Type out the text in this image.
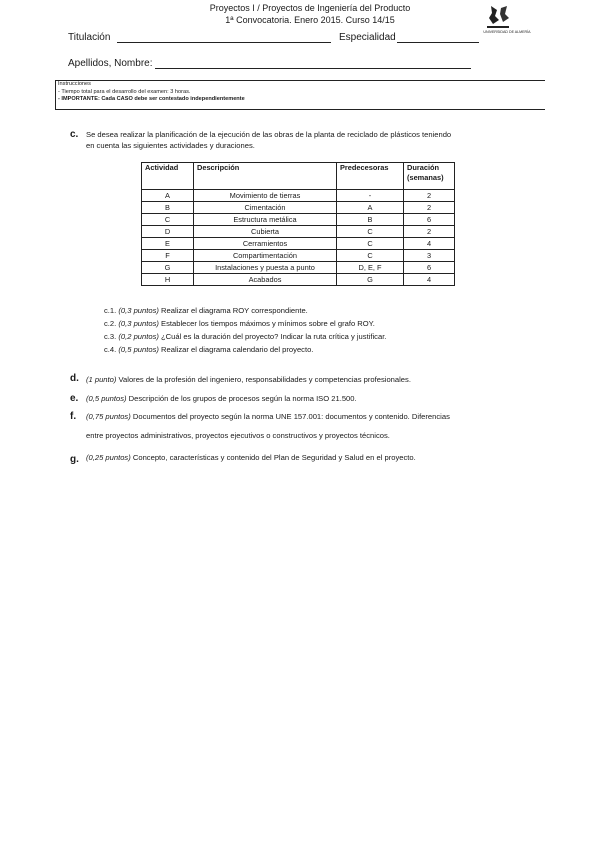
Proyectos I / Proyectos de Ingeniería del Producto
1ª Convocatoria. Enero 2015. Curso 14/15
UNIVERSIDAD DE ALMERÍA
Titulación	Especialidad
Apellidos, Nombre:
Instrucciones
- Tiempo total para el desarrollo del examen: 3 horas.
- IMPORTANTE: Cada CASO debe ser contestado independientemente
c. Se desea realizar la planificación de la ejecución de las obras de la planta de reciclado de plásticos teniendo
en cuenta las siguientes actividades y duraciones.
Actividad	Descripción	Predecesoras	Duración (semanas)
A	Movimiento de tierras	-	2
B	Cimentación	A	2
C	Estructura metálica	B	6
D	Cubierta	C	2
E	Cerramientos	C	4
F	Compartimentación	C	3
G	Instalaciones y puesta a punto	D, E, F	6
H	Acabados	G	4
c.1. (0,3 puntos) Realizar el diagrama ROY correspondiente.
c.2. (0,3 puntos) Establecer los tiempos máximos y mínimos sobre el grafo ROY.
c.3. (0,2 puntos) ¿Cuál es la duración del proyecto? Indicar la ruta crítica y justificar.
c.4. (0,5 puntos) Realizar el diagrama calendario del proyecto.
d. (1 punto) Valores de la profesión del ingeniero, responsabilidades y competencias profesionales.
e. (0,5 puntos) Descripción de los grupos de procesos según la norma ISO 21.500.
f. (0,75 puntos) Documentos del proyecto según la norma UNE 157.001: documentos y contenido. Diferencias
entre proyectos administrativos, proyectos ejecutivos o constructivos y proyectos técnicos.
g. (0,25 puntos) Concepto, características y contenido del Plan de Seguridad y Salud en el proyecto.
